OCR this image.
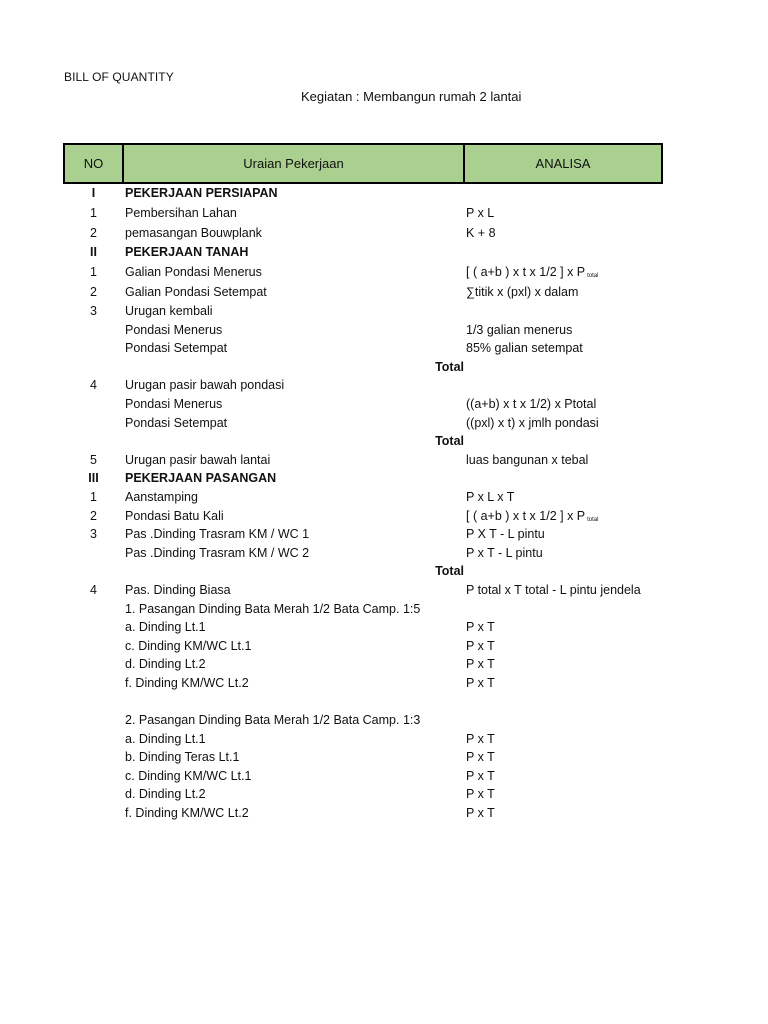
BILL OF QUANTITY
Kegiatan : Membangun rumah 2 lantai
NO	Uraian Pekerjaan	ANALISA
I	PEKERJAAN PERSIAPAN
1	Pembersihan Lahan	P x L
2	pemasangan Bouwplank	K + 8
II	PEKERJAAN TANAH
1	Galian Pondasi Menerus	[ ( a+b ) x t x 1/2 ] x P $_{total}$
2	Galian Pondasi Setempat	∑titik x (pxl) x dalam
3	Urugan kembali
Pondasi Menerus	1/3 galian menerus
Pondasi Setempat	85% galian setempat
Total
4	Urugan pasir bawah pondasi
Pondasi Menerus	((a+b) x t x 1/2) x Ptotal
Pondasi Setempat	((pxl) x t) x jmlh pondasi
Total
5	Urugan pasir bawah lantai	luas bangunan x tebal
III	PEKERJAAN PASANGAN
1	Aanstamping	P x L x T
2	Pondasi Batu Kali	[ ( a+b ) x t x 1/2 ] x P $_{total}$
3	Pas .Dinding Trasram KM / WC 1	P X T - L pintu
Pas .Dinding Trasram KM / WC 2	P x T - L pintu
Total
4	Pas. Dinding Biasa	P total x T total - L pintu jendela
1. Pasangan Dinding Bata Merah 1/2 Bata Camp. 1:5
a. Dinding Lt.1	P x T
c. Dinding KM/WC Lt.1	P x T
d. Dinding Lt.2	P x T
f. Dinding KM/WC Lt.2	P x T
2. Pasangan Dinding Bata Merah 1/2 Bata Camp. 1:3
a. Dinding Lt.1	P x T
b. Dinding Teras Lt.1	P x T
c. Dinding KM/WC Lt.1	P x T
d. Dinding Lt.2	P x T
f. Dinding KM/WC Lt.2	P x T
